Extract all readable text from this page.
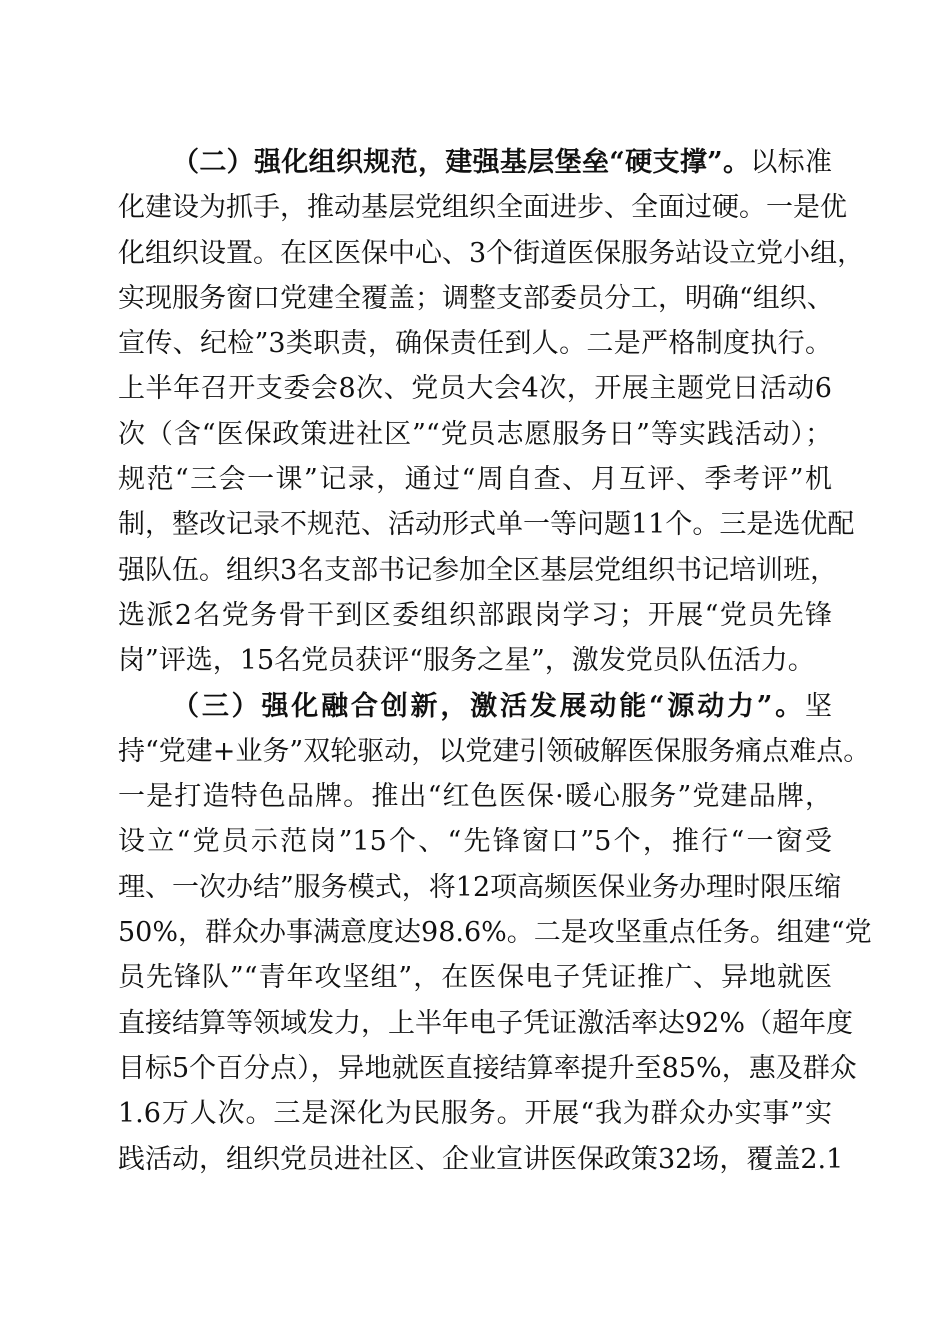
（二）强化组织规范，建强基层堡垒“硬支撑”。以标准
化建设为抓手，推动基层党组织全面进步、全面过硬。一是优
化组织设置。在区医保中心、3个街道医保服务站设立党小组，
实现服务窗口党建全覆盖；调整支部委员分工，明确“组织、
宣传、纪检”3类职责，确保责任到人。二是严格制度执行。
上半年召开支委会8次、党员大会4次，开展主题党日活动6
次（含“医保政策进社区”“党员志愿服务日”等实践活动）；
规范“三会一课”记录，通过“周自查、月互评、季考评”机
制，整改记录不规范、活动形式单一等问题11个。三是选优配
强队伍。组织3名支部书记参加全区基层党组织书记培训班，
选派2名党务骨干到区委组织部跟岗学习；开展“党员先锋
岗”评选，15名党员获评“服务之星”，激发党员队伍活力。
（三）强化融合创新，激活发展动能“源动力”。坚
持“党建+业务”双轮驱动，以党建引领破解医保服务痛点难点。
一是打造特色品牌。推出“红色医保·暖心服务”党建品牌，
设立“党员示范岗”15个、“先锋窗口”5个，推行“一窗受
理、一次办结”服务模式，将12项高频医保业务办理时限压缩
50%，群众办事满意度达98.6%。二是攻坚重点任务。组建“党
员先锋队”“青年攻坚组”，在医保电子凭证推广、异地就医
直接结算等领域发力，上半年电子凭证激活率达92%（超年度
目标5个百分点），异地就医直接结算率提升至85%，惠及群众
1.6万人次。三是深化为民服务。开展“我为群众办实事”实
践活动，组织党员进社区、企业宣讲医保政策32场，覆盖2.1
